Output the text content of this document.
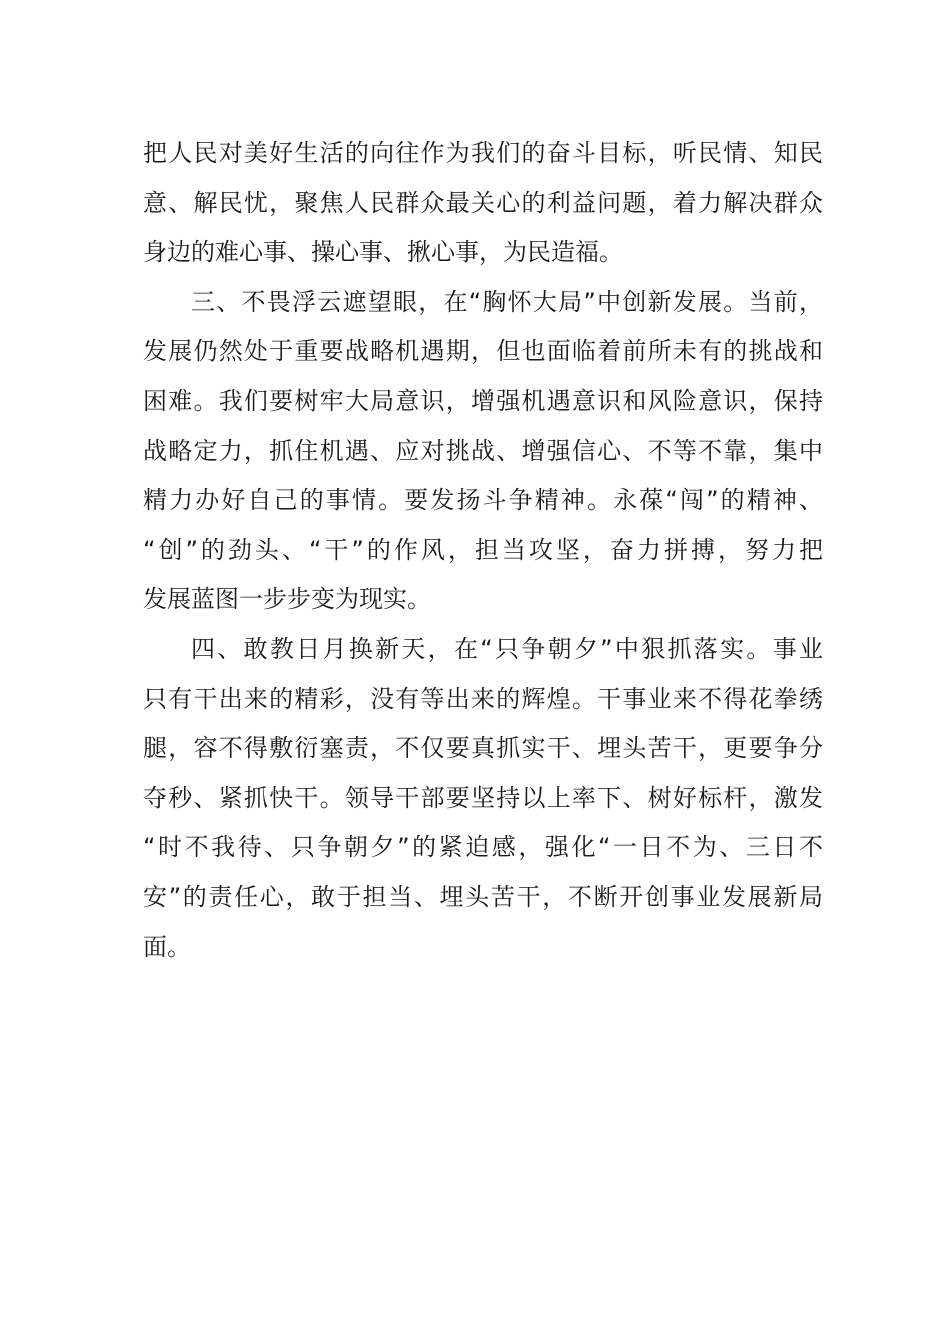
把人民对美好生活的向往作为我们的奋斗目标，听民情、知民
意、解民忧，聚焦人民群众最关心的利益问题，着力解决群众
身边的难心事、操心事、揪心事，为民造福。
三、不畏浮云遮望眼，在“胸怀大局”中创新发展。当前，
发展仍然处于重要战略机遇期，但也面临着前所未有的挑战和
困难。我们要树牢大局意识，增强机遇意识和风险意识，保持
战略定力，抓住机遇、应对挑战、增强信心、不等不靠，集中
精力办好自己的事情。要发扬斗争精神。永葆“闯”的精神、
“创”的劲头、“干”的作风，担当攻坚，奋力拼搏，努力把
发展蓝图一步步变为现实。
四、敢教日月换新天，在“只争朝夕”中狠抓落实。事业
只有干出来的精彩，没有等出来的辉煌。干事业来不得花拳绣
腿，容不得敷衍塞责，不仅要真抓实干、埋头苦干，更要争分
夺秒、紧抓快干。领导干部要坚持以上率下、树好标杆，激发
“时不我待、只争朝夕”的紧迫感，强化“一日不为、三日不
安”的责任心，敢于担当、埋头苦干，不断开创事业发展新局
面。
